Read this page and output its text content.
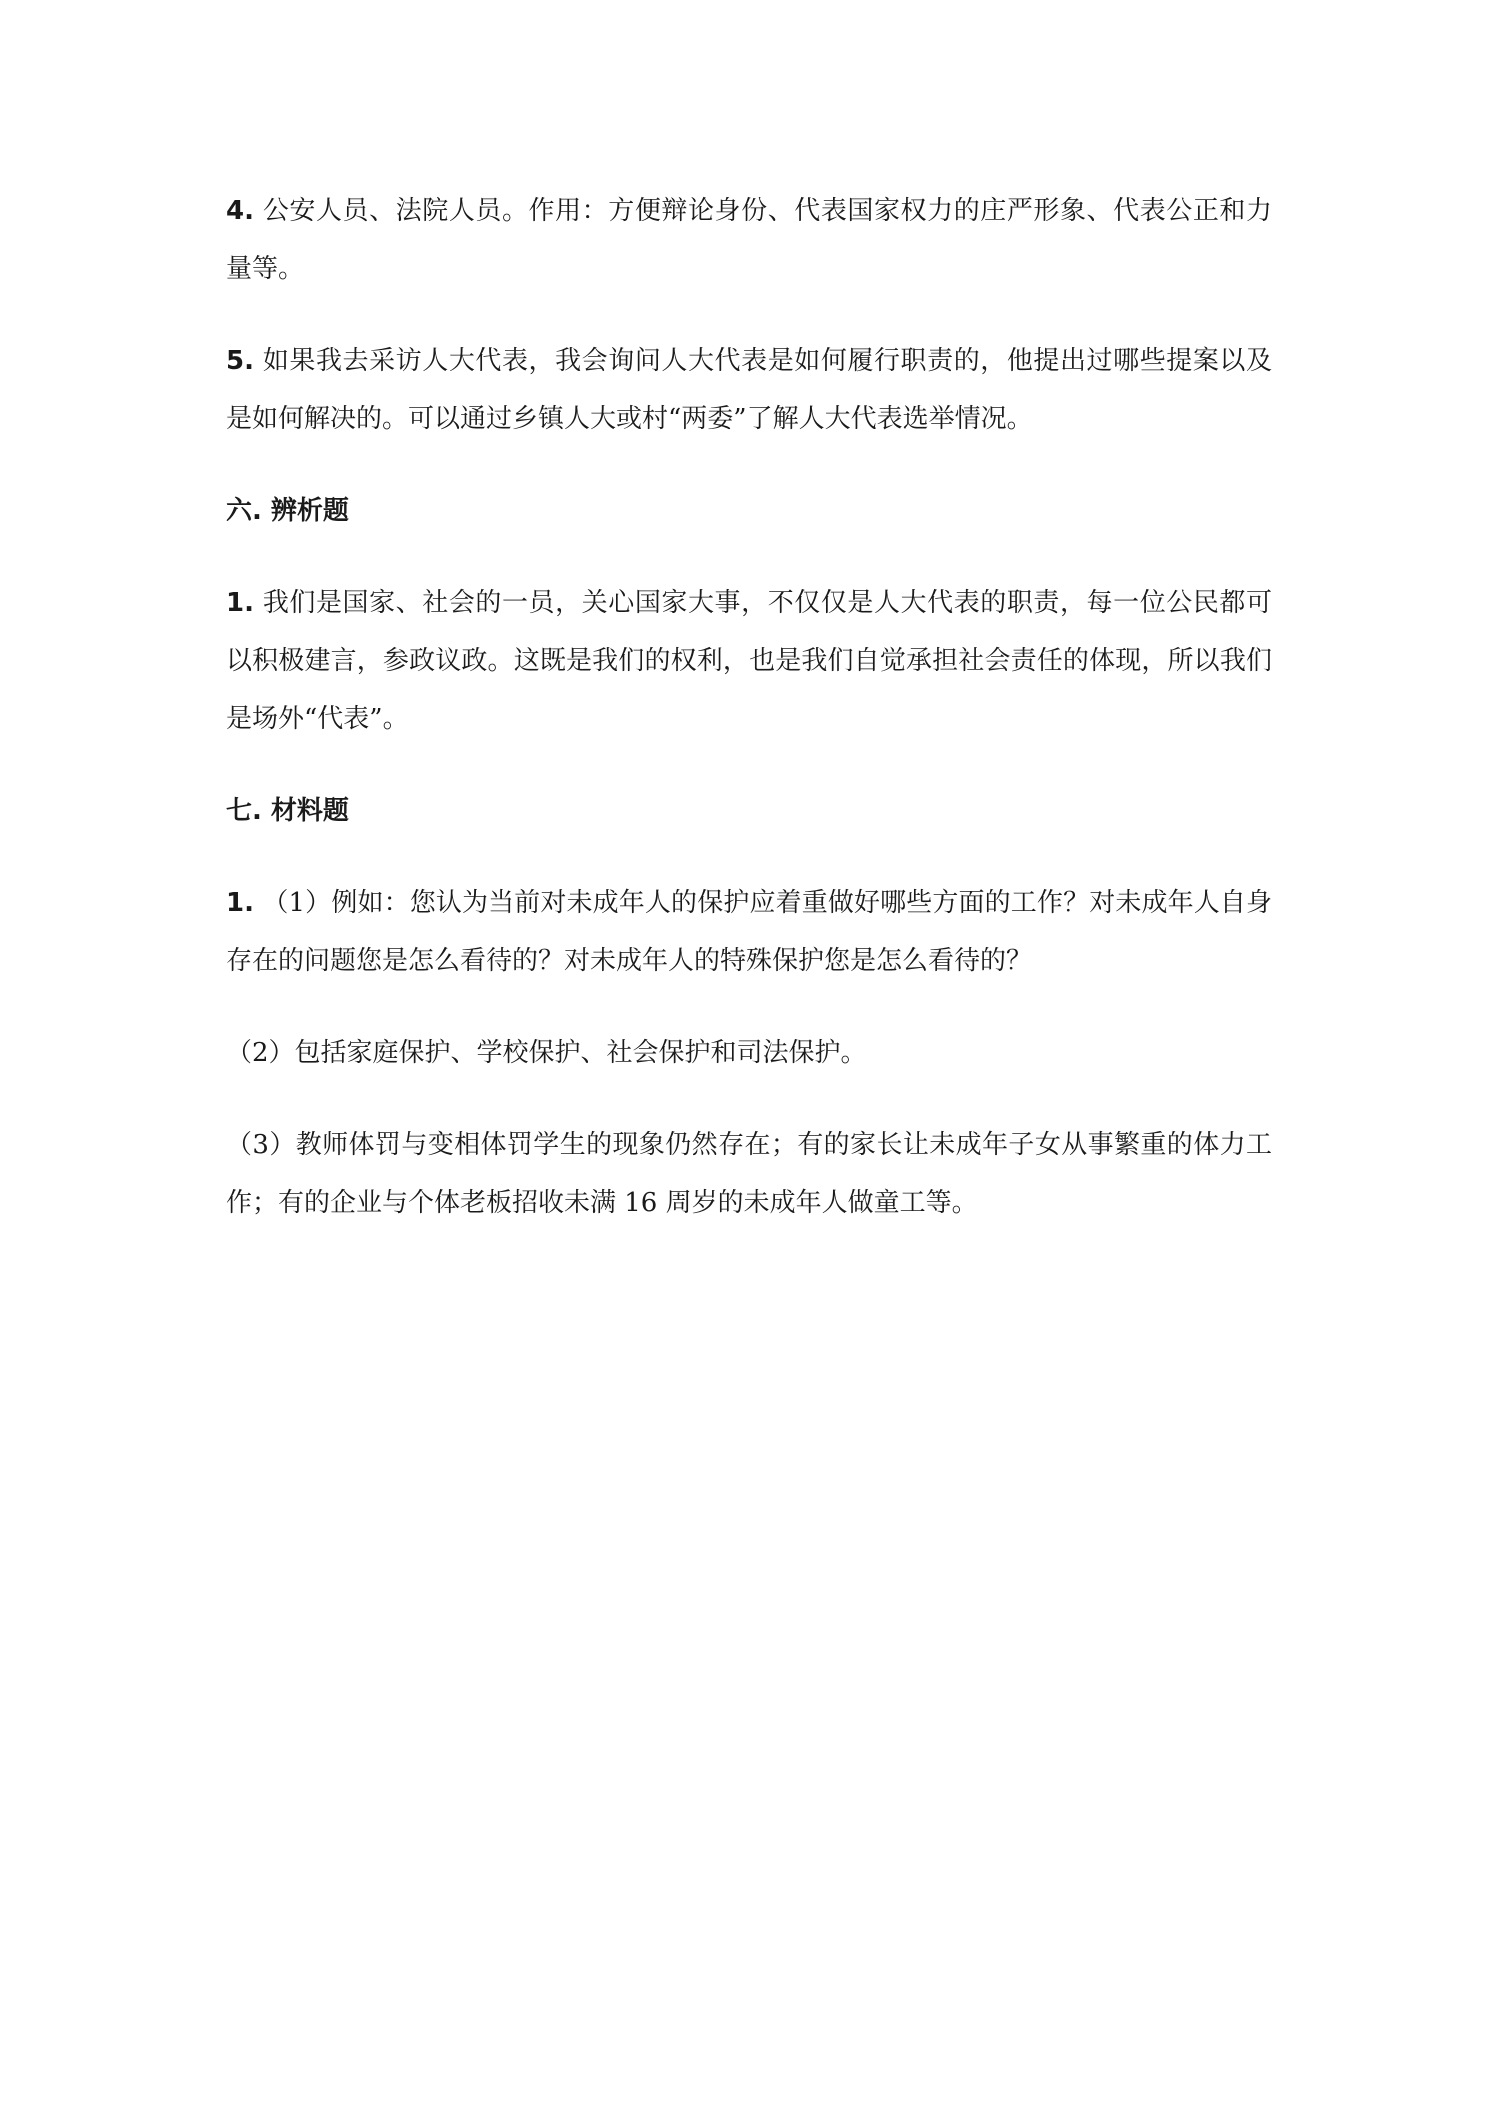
4. 公安人员、法院人员。作用：方便辩论身份、代表国家权力的庄严形象、代表公正和力量等。

5. 如果我去采访人大代表，我会询问人大代表是如何履行职责的，他提出过哪些提案以及是如何解决的。可以通过乡镇人大或村“两委”了解人大代表选举情况。

六. 辨析题

1. 我们是国家、社会的一员，关心国家大事，不仅仅是人大代表的职责，每一位公民都可以积极建言，参政议政。这既是我们的权利，也是我们自觉承担社会责任的体现，所以我们是场外“代表”。

七. 材料题

1. （1）例如：您认为当前对未成年人的保护应着重做好哪些方面的工作？对未成年人自身存在的问题您是怎么看待的？对未成年人的特殊保护您是怎么看待的？

（2）包括家庭保护、学校保护、社会保护和司法保护。

（3）教师体罚与变相体罚学生的现象仍然存在；有的家长让未成年子女从事繁重的体力工作；有的企业与个体老板招收未满 16 周岁的未成年人做童工等。
